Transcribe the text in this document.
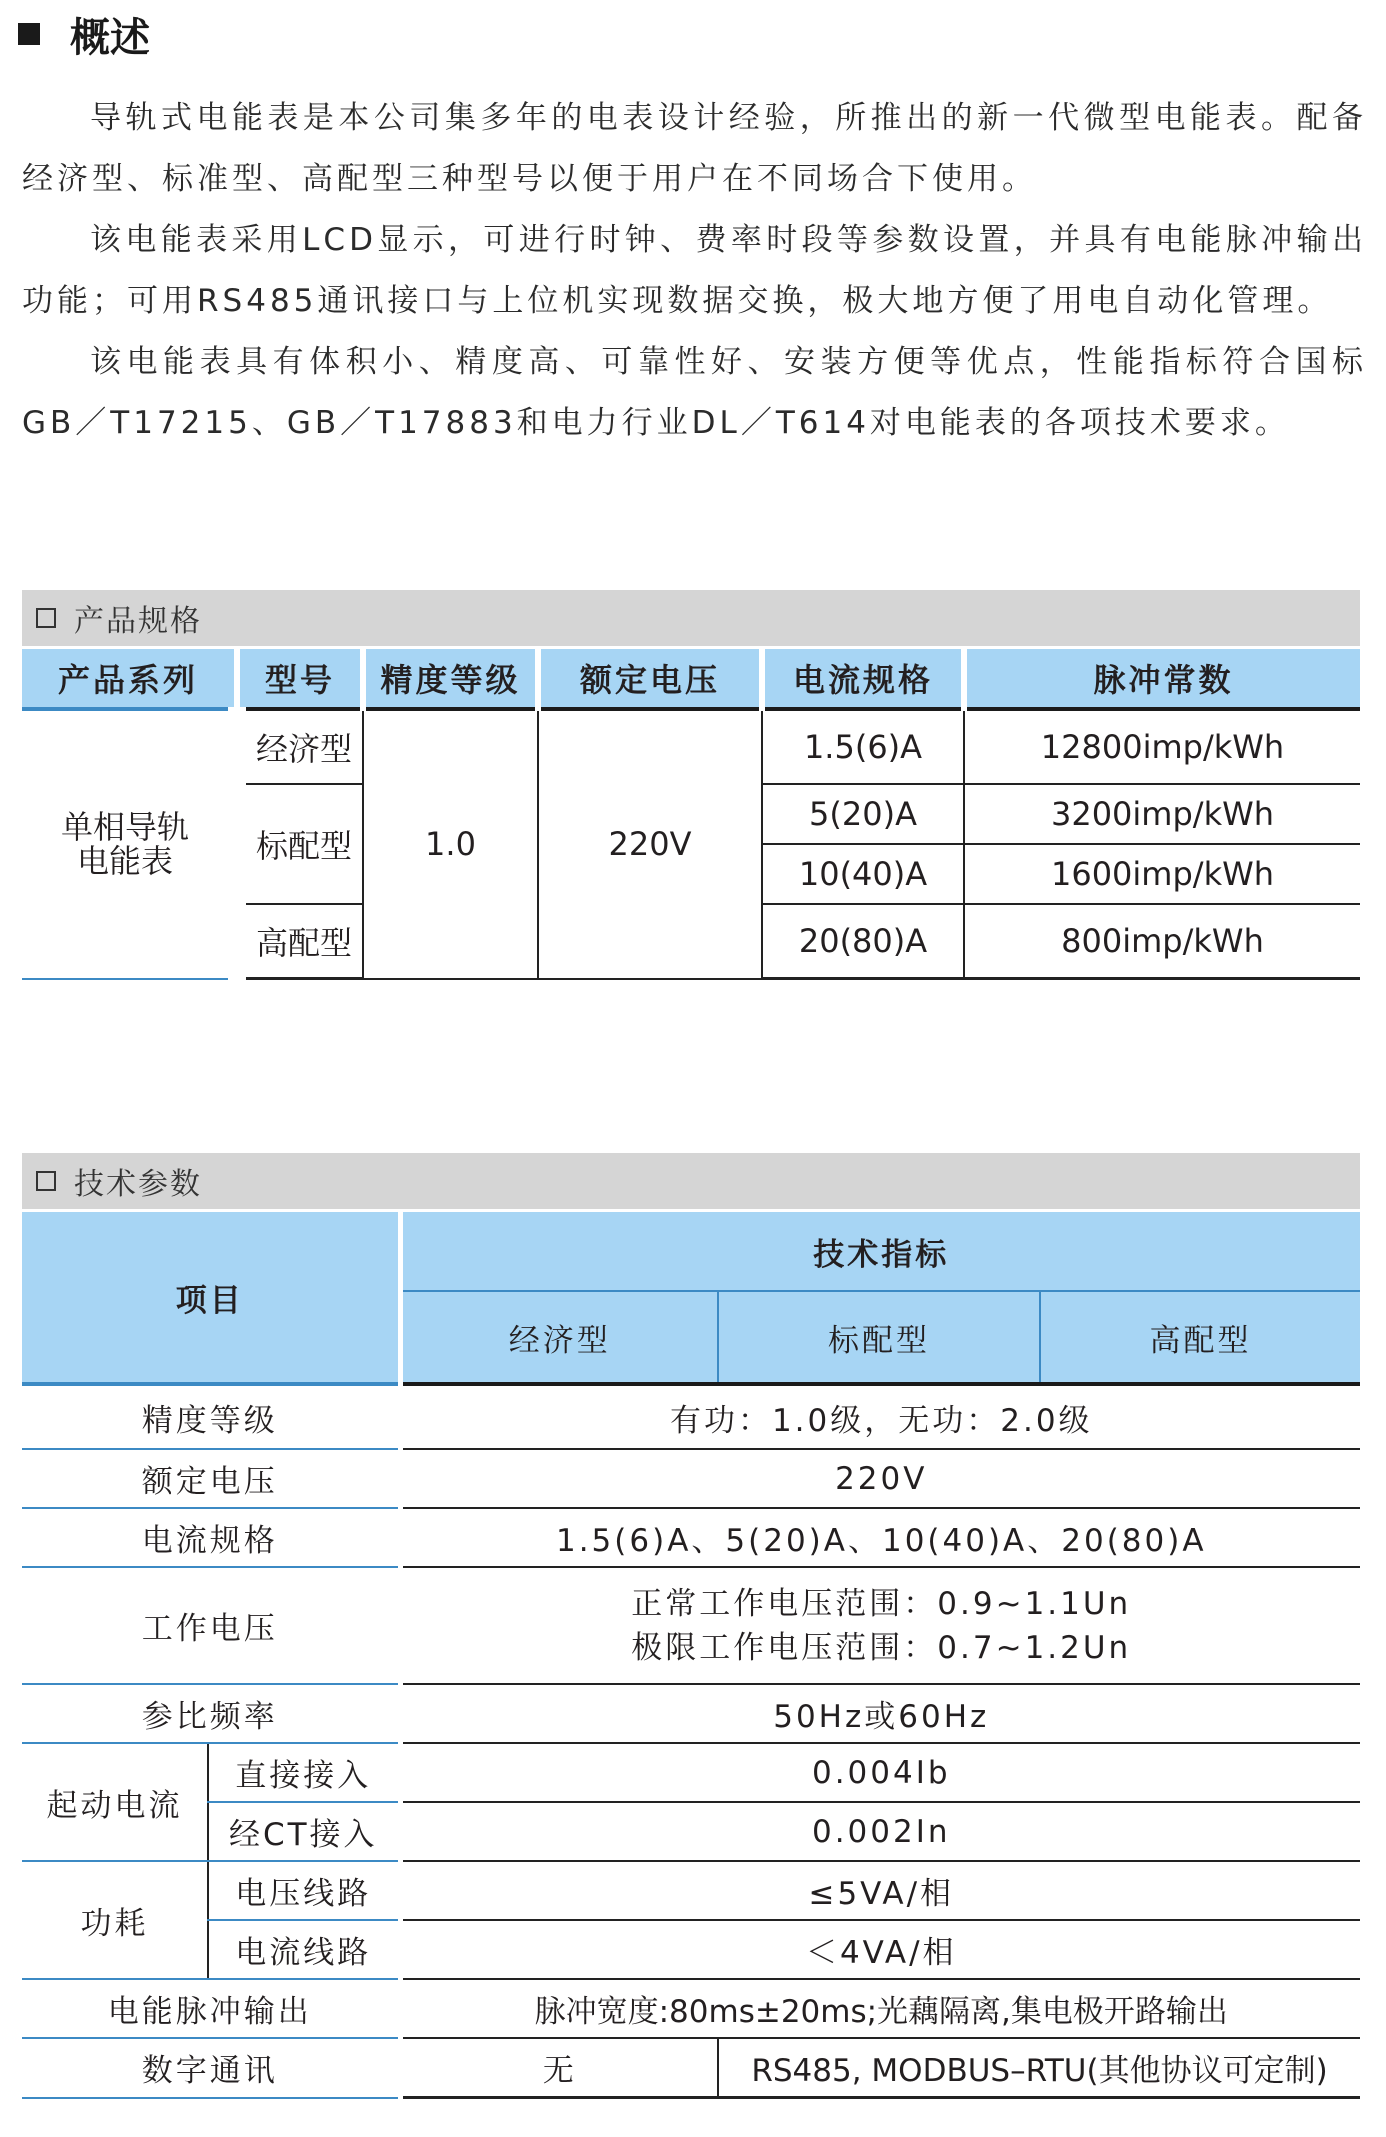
概述

导轨式电能表是本公司集多年的电表设计经验，所推出的新一代微型电能表。配备经济型、标准型、高配型三种型号以便于用户在不同场合下使用。

该电能表采用LCD显示，可进行时钟、费率时段等参数设置，并具有电能脉冲输出功能；可用RS485通讯接口与上位机实现数据交换，极大地方便了用电自动化管理。

该电能表具有体积小、精度高、可靠性好、安装方便等优点，性能指标符合国标GB／T17215、GB／T17883和电力行业DL／T614对电能表的各项技术要求。

产品规格
产品系列	型号	精度等级	额定电压	电流规格	脉冲常数

单相导轨
电能表	经济型	1.0	220V	1.5(6)A	12800imp/kWh
	标配型			5(20)A	3200imp/kWh
				10(40)A	1600imp/kWh
	高配型			20(80)A	800imp/kWh
技术参数
项目		技术指标		
		经济型	标配型	高配型
精度等级		有功：1.0级，无功：2.0级		
额定电压		220V		
电流规格		1.5(6)A、5(20)A、10(40)A、20(80)A		
工作电压		正常工作电压范围：0.9~1.1Un
极限工作电压范围：0.7~1.2Un		

参比频率		50Hz或60Hz		
起动电流	直接接入	0.004Ib		
	经CT接入	0.002In		
功耗	电压线路	≤5VA/相		
	电流线路	＜4VA/相		
电能脉冲输出		脉冲宽度:80ms±20ms;光藕隔离,集电极开路输出		
数字通讯		无	RS485, MODBUS–RTU(其他协议可定制)	
